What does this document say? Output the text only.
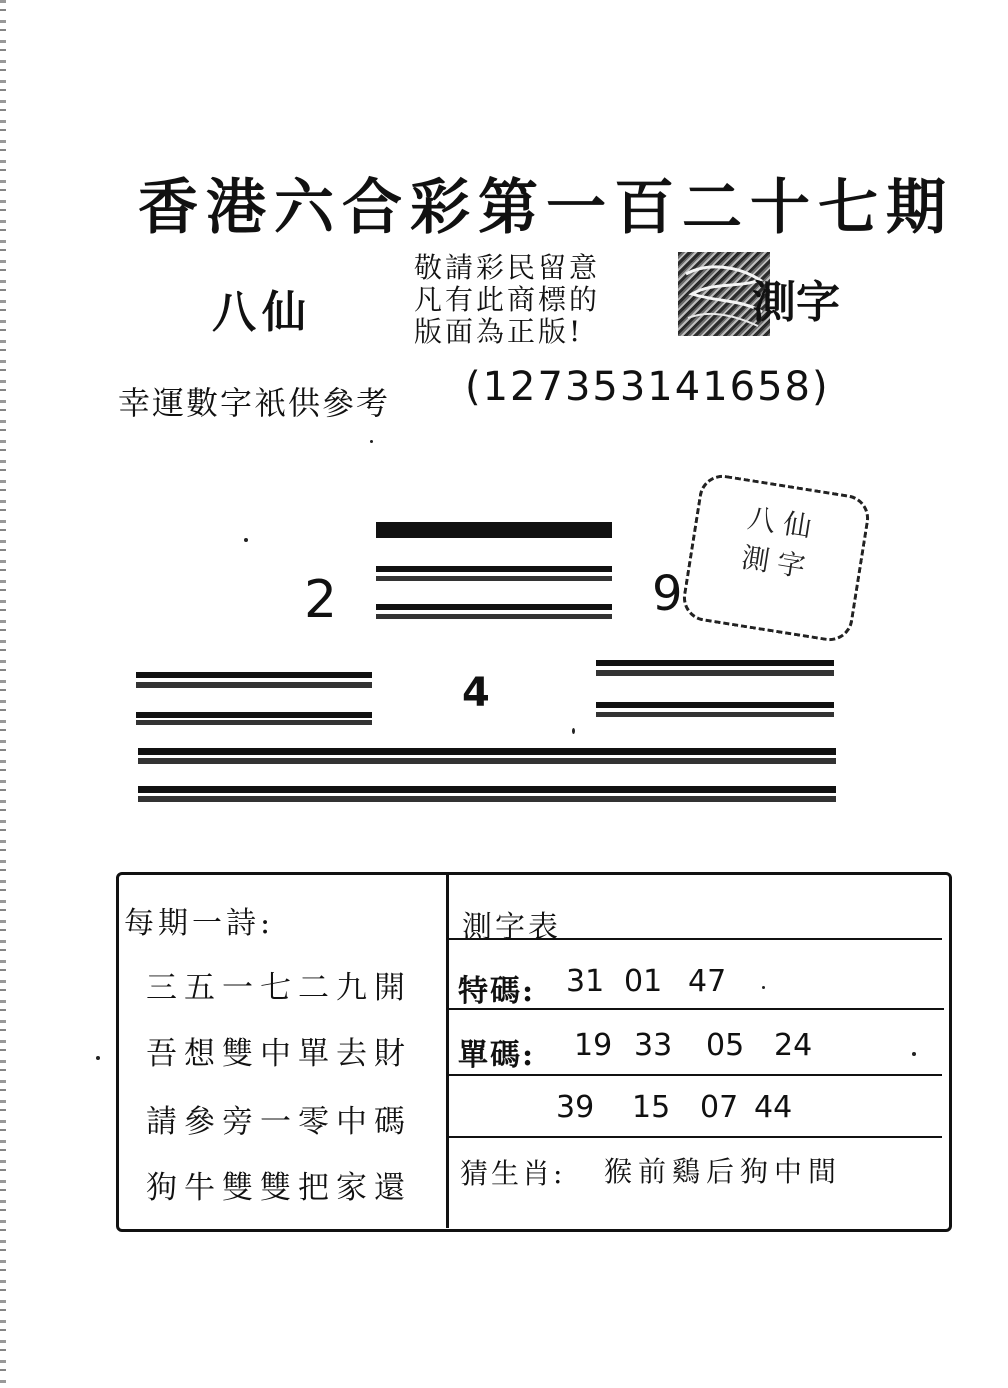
香港六合彩第一百二十七期
八仙
敬請彩民留意
凡有此商標的
版面為正版!
測字
幸運數字衹供參考 (127353141658)
八仙
測字
2	9
4
每期一詩:
三五一七二九開
吾想雙中單去財
請參旁一零中碼
狗牛雙雙把家還
測字表
特碼: 31 01 47
單碼: 19 33 05 24
39 15 07 44
猜生肖: 猴前鷄后狗中間
